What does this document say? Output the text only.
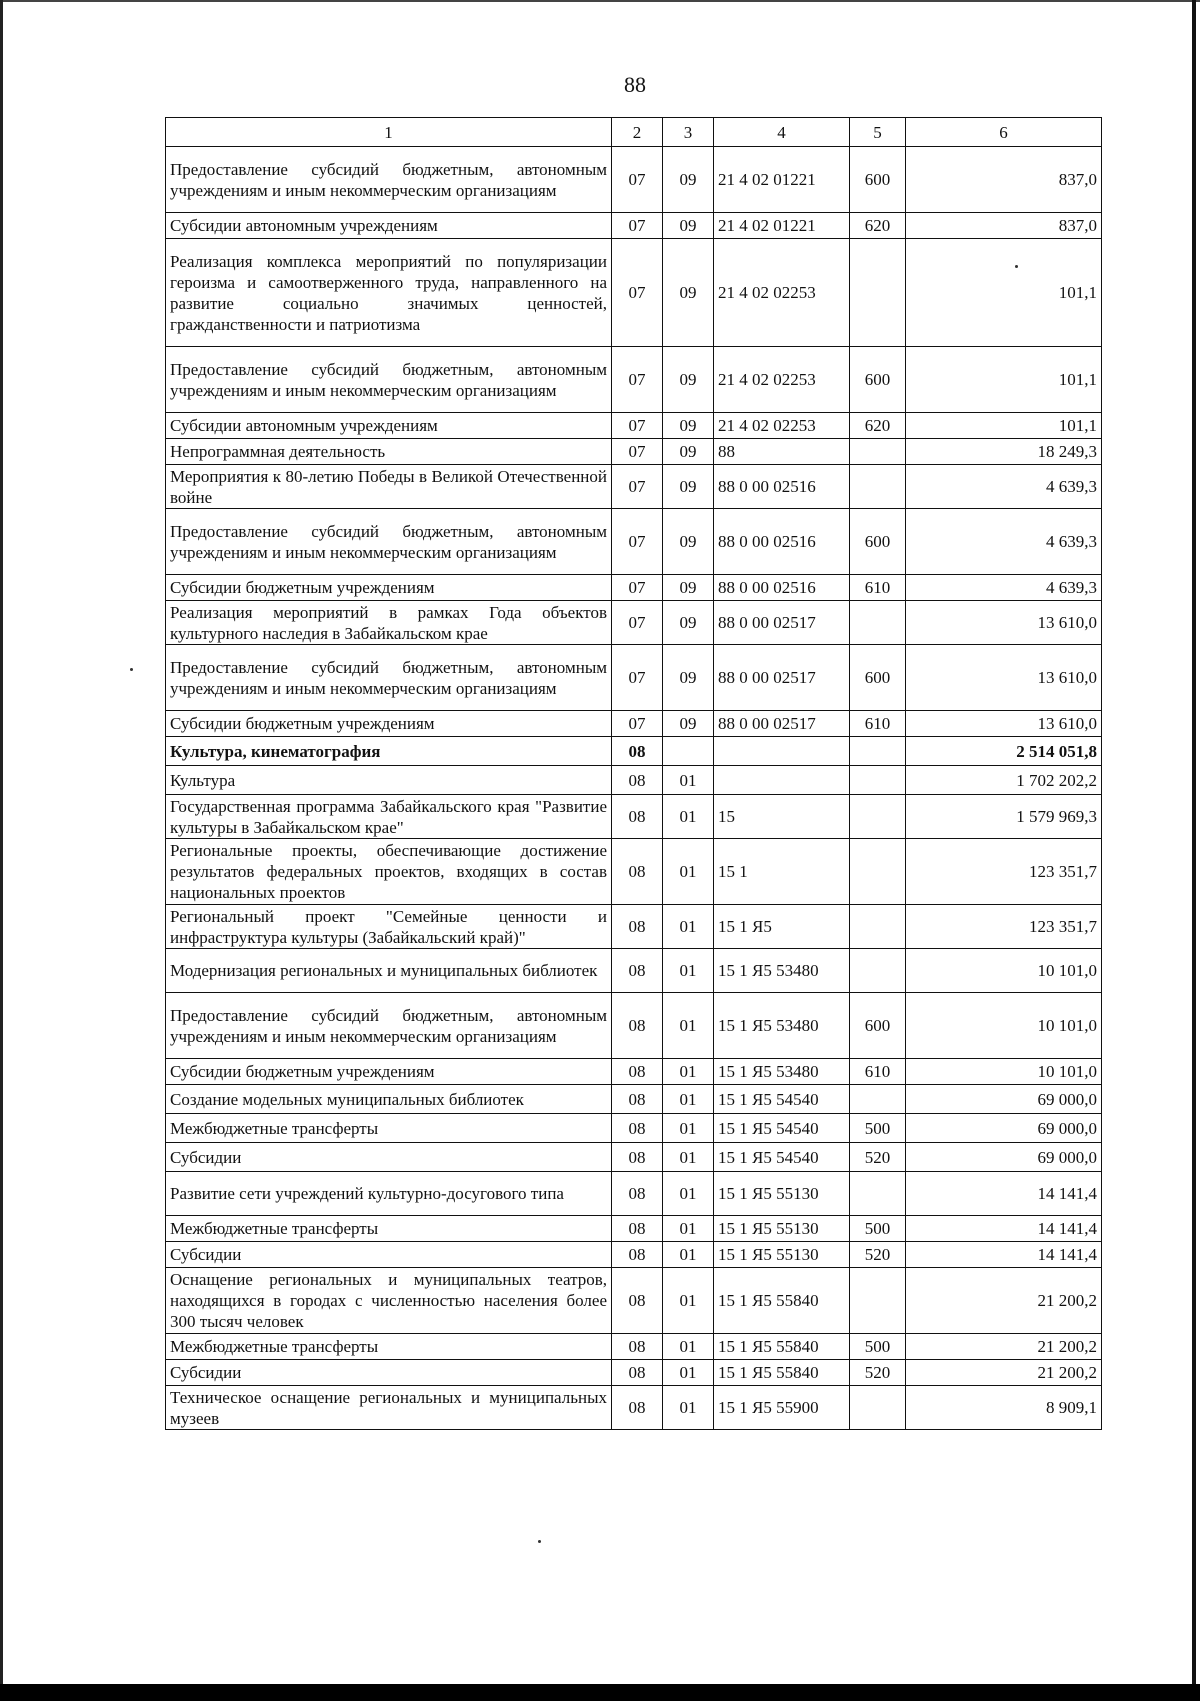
88
1	2	3	4	5	6
Предоставление субсидий бюджетным, автономным учреждениям и иным некоммерческим организациям	07	09	21 4 02 01221	600	837,0
Субсидии автономным учреждениям	07	09	21 4 02 01221	620	837,0
Реализация комплекса мероприятий по популяризации героизма и самоотверженного труда, направленного на развитие социально значимых ценностей, гражданственности и патриотизма	07	09	21 4 02 02253		101,1
Предоставление субсидий бюджетным, автономным учреждениям и иным некоммерческим организациям	07	09	21 4 02 02253	600	101,1
Субсидии автономным учреждениям	07	09	21 4 02 02253	620	101,1
Непрограммная деятельность	07	09	88		18 249,3
Мероприятия к 80-летию Победы в Великой Отечественной войне	07	09	88 0 00 02516		4 639,3
Предоставление субсидий бюджетным, автономным учреждениям и иным некоммерческим организациям	07	09	88 0 00 02516	600	4 639,3
Субсидии бюджетным учреждениям	07	09	88 0 00 02516	610	4 639,3
Реализация мероприятий в рамках Года объектов культурного наследия в Забайкальском крае	07	09	88 0 00 02517		13 610,0
Предоставление субсидий бюджетным, автономным учреждениям и иным некоммерческим организациям	07	09	88 0 00 02517	600	13 610,0
Субсидии бюджетным учреждениям	07	09	88 0 00 02517	610	13 610,0
Культура, кинематография	08				2 514 051,8
Культура	08	01			1 702 202,2
Государственная программа Забайкальского края "Развитие культуры в Забайкальском крае"	08	01	15		1 579 969,3
Региональные проекты, обеспечивающие достижение результатов федеральных проектов, входящих в состав национальных проектов	08	01	15 1		123 351,7
Региональный проект "Семейные ценности и инфраструктура культуры (Забайкальский край)"	08	01	15 1 Я5		123 351,7
Модернизация региональных и муниципальных библиотек	08	01	15 1 Я5 53480		10 101,0
Предоставление субсидий бюджетным, автономным учреждениям и иным некоммерческим организациям	08	01	15 1 Я5 53480	600	10 101,0
Субсидии бюджетным учреждениям	08	01	15 1 Я5 53480	610	10 101,0
Создание модельных муниципальных библиотек	08	01	15 1 Я5 54540		69 000,0
Межбюджетные трансферты	08	01	15 1 Я5 54540	500	69 000,0
Субсидии	08	01	15 1 Я5 54540	520	69 000,0
Развитие сети учреждений культурно-досугового типа	08	01	15 1 Я5 55130		14 141,4
Межбюджетные трансферты	08	01	15 1 Я5 55130	500	14 141,4
Субсидии	08	01	15 1 Я5 55130	520	14 141,4
Оснащение региональных и муниципальных театров, находящихся в городах с численностью населения более 300 тысяч человек	08	01	15 1 Я5 55840		21 200,2
Межбюджетные трансферты	08	01	15 1 Я5 55840	500	21 200,2
Субсидии	08	01	15 1 Я5 55840	520	21 200,2
Техническое оснащение региональных и муниципальных музеев	08	01	15 1 Я5 55900		8 909,1
